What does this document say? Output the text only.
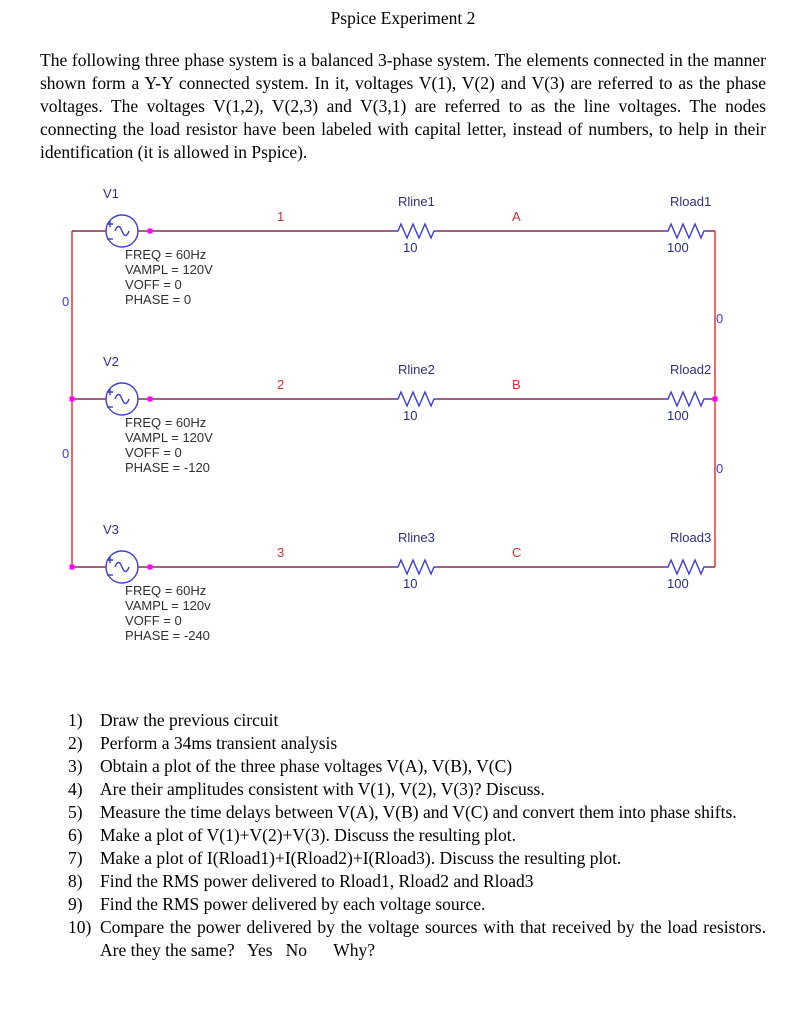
Pspice Experiment 2
The following three phase system is a balanced 3-phase system. The elements connected in the manner shown form a Y-Y connected system. In it, voltages V(1), V(2) and V(3) are referred to as the phase voltages. The voltages V(1,2), V(2,3) and V(3,1) are referred to as the line voltages. The nodes connecting the load resistor have been labeled with capital letter, instead of numbers, to help in their identification (it is allowed in Pspice).
V1
FREQ = 60Hz
VAMPL = 120V
VOFF = 0
PHASE = 0
1
Rline1
10
A
Rload1
100
V2
FREQ = 60Hz
VAMPL = 120V
VOFF = 0
PHASE = -120
2
Rline2
10
B
Rload2
100
V3
FREQ = 60Hz
VAMPL = 120v
VOFF = 0
PHASE = -240
3
Rline3
10
C
Rload3
100
0
0
0
0
1) Draw the previous circuit
2) Perform a 34ms transient analysis
3) Obtain a plot of the three phase voltages V(A), V(B), V(C)
4) Are their amplitudes consistent with V(1), V(2), V(3)? Discuss.
5) Measure the time delays between V(A), V(B) and V(C) and convert them into phase shifts.
6) Make a plot of V(1)+V(2)+V(3). Discuss the resulting plot.
7) Make a plot of I(Rload1)+I(Rload2)+I(Rload3). Discuss the resulting plot.
8) Find the RMS power delivered to Rload1, Rload2 and Rload3
9) Find the RMS power delivered by each voltage source.
10) Compare the power delivered by the voltage sources with that received by the load resistors. Are they the same?   Yes   No      Why?
